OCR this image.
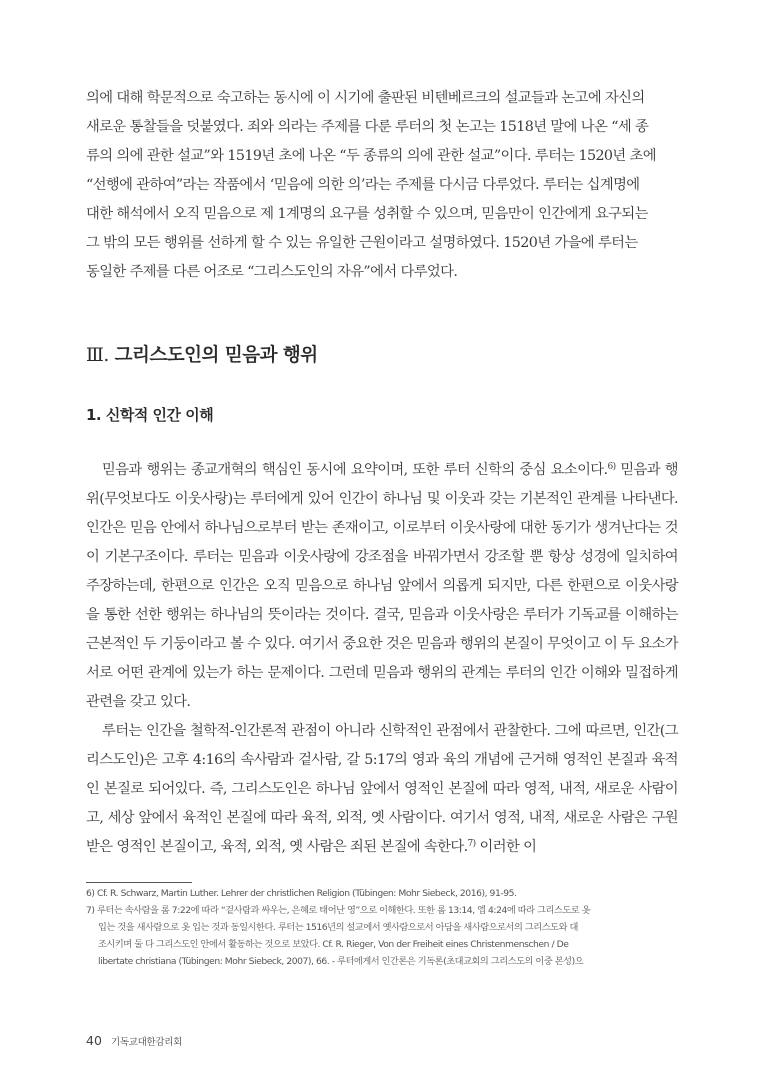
의에 대해 학문적으로 숙고하는 동시에 이 시기에 출판된 비텐베르크의 설교들과 논고에 자신의
새로운 통찰들을 덧붙였다. 죄와 의라는 주제를 다룬 루터의 첫 논고는 1518년 말에 나온 “세 종
류의 의에 관한 설교”와 1519년 초에 나온 “두 종류의 의에 관한 설교”이다. 루터는 1520년 초에
“선행에 관하여”라는 작품에서 ‘믿음에 의한 의’라는 주제를 다시금 다루었다. 루터는 십계명에
대한 해석에서 오직 믿음으로 제 1계명의 요구를 성취할 수 있으며, 믿음만이 인간에게 요구되는
그 밖의 모든 행위를 선하게 할 수 있는 유일한 근원이라고 설명하였다. 1520년 가을에 루터는
동일한 주제를 다른 어조로 “그리스도인의 자유”에서 다루었다.
Ⅲ. 그리스도인의 믿음과 행위
1. 신학적 인간 이해

믿음과 행위는 종교개혁의 핵심인 동시에 요약이며, 또한 루터 신학의 중심 요소이다.$^{6)}$ 믿음과 행위(무엇보다도 이웃사랑)는 루터에게 있어 인간이 하나님 및 이웃과 갖는 기본적인 관계를 나타낸다. 인간은 믿음 안에서 하나님으로부터 받는 존재이고, 이로부터 이웃사랑에 대한 동기가 생겨난다는 것이 기본구조이다. 루터는 믿음과 이웃사랑에 강조점을 바꿔가면서 강조할 뿐 항상 성경에 일치하여 주장하는데, 한편으로 인간은 오직 믿음으로 하나님 앞에서 의롭게 되지만, 다른 한편으로 이웃사랑을 통한 선한 행위는 하나님의 뜻이라는 것이다. 결국, 믿음과 이웃사랑은 루터가 기독교를 이해하는 근본적인 두 기둥이라고 볼 수 있다. 여기서 중요한 것은 믿음과 행위의 본질이 무엇이고 이 두 요소가 서로 어떤 관계에 있는가 하는 문제이다. 그런데 믿음과 행위의 관계는 루터의 인간 이해와 밀접하게 관련을 갖고 있다.

루터는 인간을 철학적-인간론적 관점이 아니라 신학적인 관점에서 관찰한다. 그에 따르면, 인간(그리스도인)은 고후 4:16의 속사람과 겉사람, 갈 5:17의 영과 육의 개념에 근거해 영적인 본질과 육적인 본질로 되어있다. 즉, 그리스도인은 하나님 앞에서 영적인 본질에 따라 영적, 내적, 새로운 사람이고, 세상 앞에서 육적인 본질에 따라 육적, 외적, 옛 사람이다. 여기서 영적, 내적, 새로운 사람은 구원받은 영적인 본질이고, 육적, 외적, 옛 사람은 죄된 본질에 속한다.$^{7)}$ 이러한 이

6) Cf. R. Schwarz, Martin Luther. Lehrer der christlichen Religion (Tübingen: Mohr Siebeck, 2016), 91-95.

7) 루터는 속사람을 롬 7:22에 따라 “겉사람과 싸우는, 은혜로 태어난 영”으로 이해한다. 또한 롬 13:14, 엡 4:24에 따라 그리스도로 옷

입는 것을 새사람으로 옷 입는 것과 동일시한다. 루터는 1516년의 설교에서 옛사람으로서 아담을 새사람으로서의 그리스도와 대

조시키며 둘 다 그리스도인 안에서 활동하는 것으로 보았다. Cf. R. Rieger, Von der Freiheit eines Christenmenschen / De

libertate christiana (Tübingen: Mohr Siebeck, 2007), 66. - 루터에게서 인간론은 기독론(초대교회의 그리스도의 이중 본성)으

40 기독교대한감리회
